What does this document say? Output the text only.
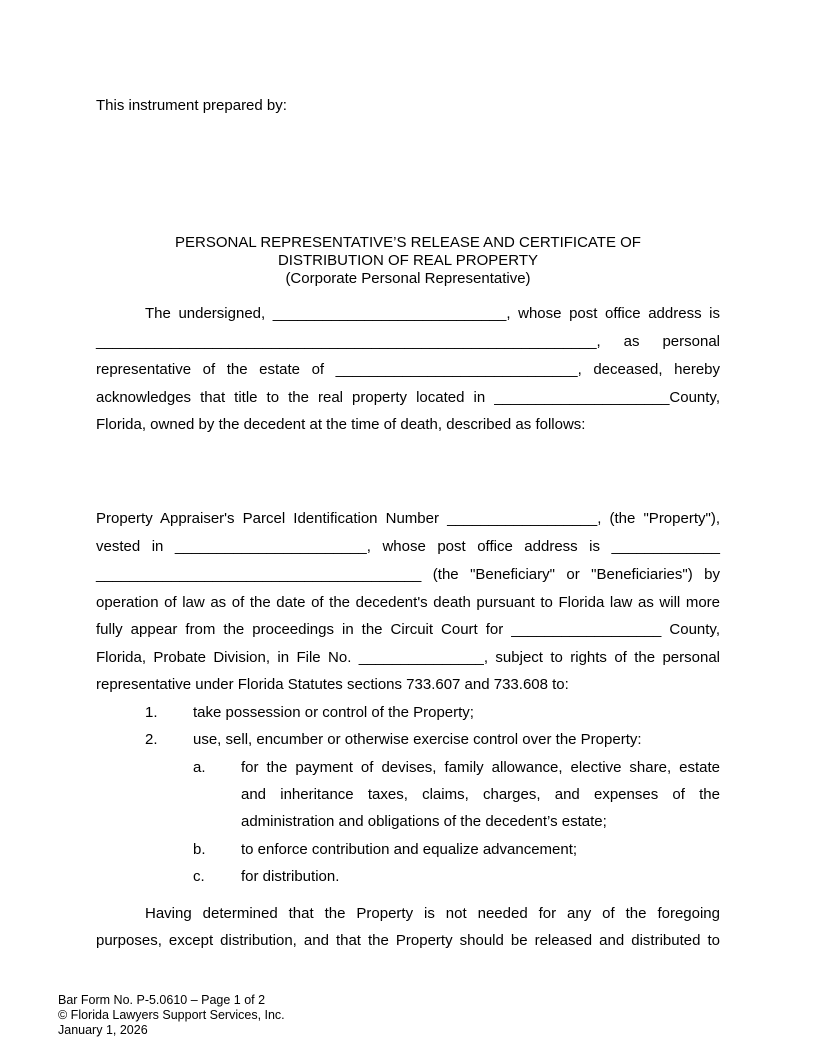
This instrument prepared by:
PERSONAL REPRESENTATIVE’S RELEASE AND CERTIFICATE OF
DISTRIBUTION OF REAL PROPERTY
(Corporate Personal Representative)
The undersigned, ____________________________, whose post office address is
____________________________________________________________, as personal
representative of the estate of _____________________________, deceased, hereby
acknowledges that title to the real property located in _____________________County,
Florida, owned by the decedent at the time of death, described as follows:
Property Appraiser's Parcel Identification Number __________________, (the "Property"),
vested in _______________________, whose post office address is _____________
_______________________________________ (the "Beneficiary" or "Beneficiaries") by
operation of law as of the date of the decedent's death pursuant to Florida law as will more
fully appear from the proceedings in the Circuit Court for __________________ County,
Florida, Probate Division, in File No. _______________, subject to rights of the personal
representative under Florida Statutes sections 733.607 and 733.608 to:
1.	take possession or control of the Property;
2.	use, sell, encumber or otherwise exercise control over the Property:
a.	for the payment of devises, family allowance, elective share, estate
and inheritance taxes, claims, charges, and expenses of the
administration and obligations of the decedent’s estate;
b.	to enforce contribution and equalize advancement;
c.	for distribution.
Having determined that the Property is not needed for any of the foregoing
purposes, except distribution, and that the Property should be released and distributed to
Bar Form No. P-5.0610 – Page 1 of 2
© Florida Lawyers Support Services, Inc.
January 1, 2026
